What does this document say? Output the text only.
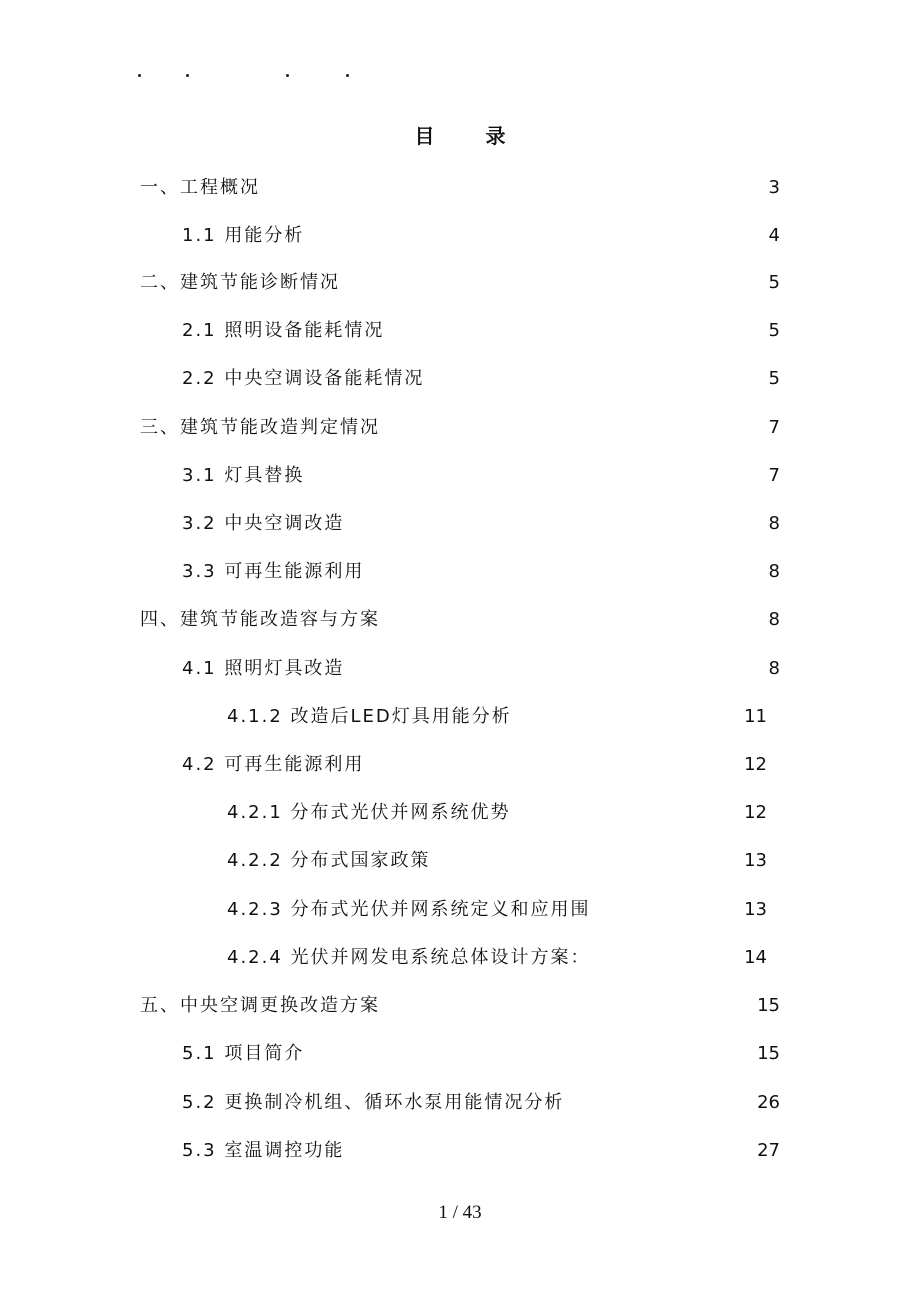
目 录
一、工程概况	3
1.1 用能分析	4
二、建筑节能诊断情况	5
2.1 照明设备能耗情况	5
2.2 中央空调设备能耗情况	5
三、建筑节能改造判定情况	7
3.1 灯具替换	7
3.2 中央空调改造	8
3.3 可再生能源利用	8
四、建筑节能改造容与方案	8
4.1 照明灯具改造	8
4.1.2 改造后LED灯具用能分析	11
4.2 可再生能源利用	12
4.2.1 分布式光伏并网系统优势	12
4.2.2 分布式国家政策	13
4.2.3 分布式光伏并网系统定义和应用围	13
4.2.4 光伏并网发电系统总体设计方案：	14
五、中央空调更换改造方案	15
5.1 项目简介	15
5.2 更换制冷机组、循环水泵用能情况分析	26
5.3 室温调控功能	27
1 / 43
